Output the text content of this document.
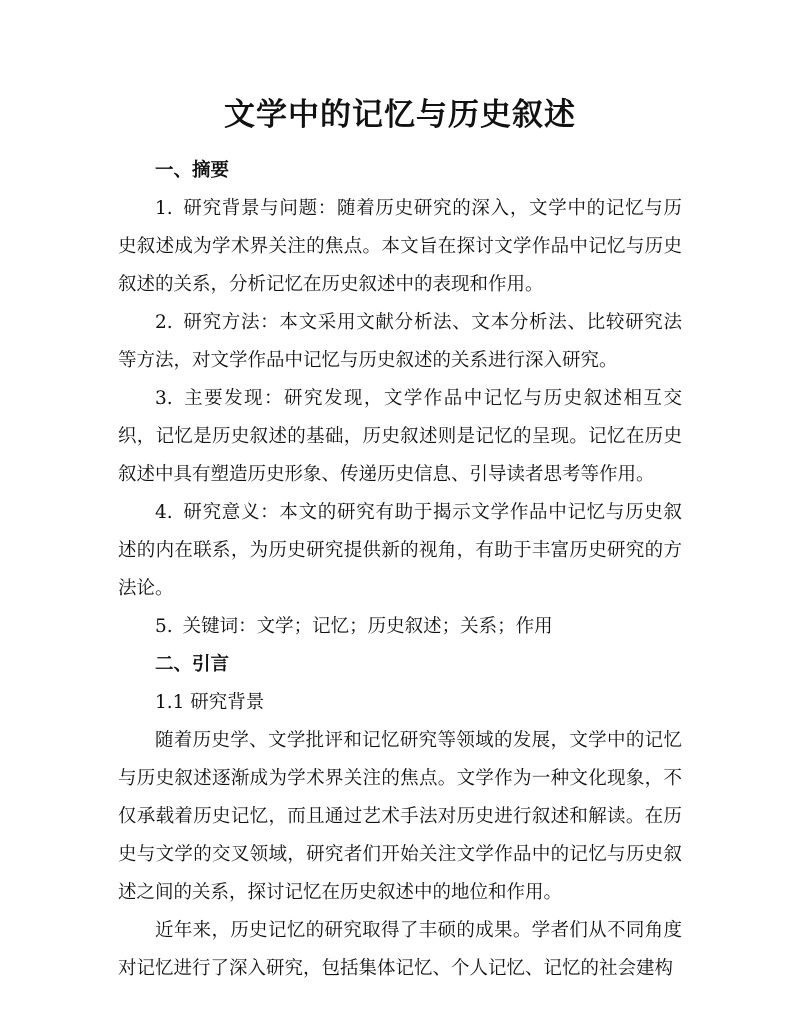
文学中的记忆与历史叙述

一、摘要

1. 研究背景与问题：随着历史研究的深入，文学中的记忆与历史叙述成为学术界关注的焦点。本文旨在探讨文学作品中记忆与历史叙述的关系，分析记忆在历史叙述中的表现和作用。

2. 研究方法：本文采用文献分析法、文本分析法、比较研究法等方法，对文学作品中记忆与历史叙述的关系进行深入研究。

3. 主要发现：研究发现，文学作品中记忆与历史叙述相互交织，记忆是历史叙述的基础，历史叙述则是记忆的呈现。记忆在历史叙述中具有塑造历史形象、传递历史信息、引导读者思考等作用。

4. 研究意义：本文的研究有助于揭示文学作品中记忆与历史叙述的内在联系，为历史研究提供新的视角，有助于丰富历史研究的方法论。

5. 关键词：文学；记忆；历史叙述；关系；作用

二、引言

1.1 研究背景

随着历史学、文学批评和记忆研究等领域的发展，文学中的记忆与历史叙述逐渐成为学术界关注的焦点。文学作为一种文化现象，不仅承载着历史记忆，而且通过艺术手法对历史进行叙述和解读。在历史与文学的交叉领域，研究者们开始关注文学作品中的记忆与历史叙述之间的关系，探讨记忆在历史叙述中的地位和作用。

近年来，历史记忆的研究取得了丰硕的成果。学者们从不同角度对记忆进行了深入研究，包括集体记忆、个人记忆、记忆的社会建构
